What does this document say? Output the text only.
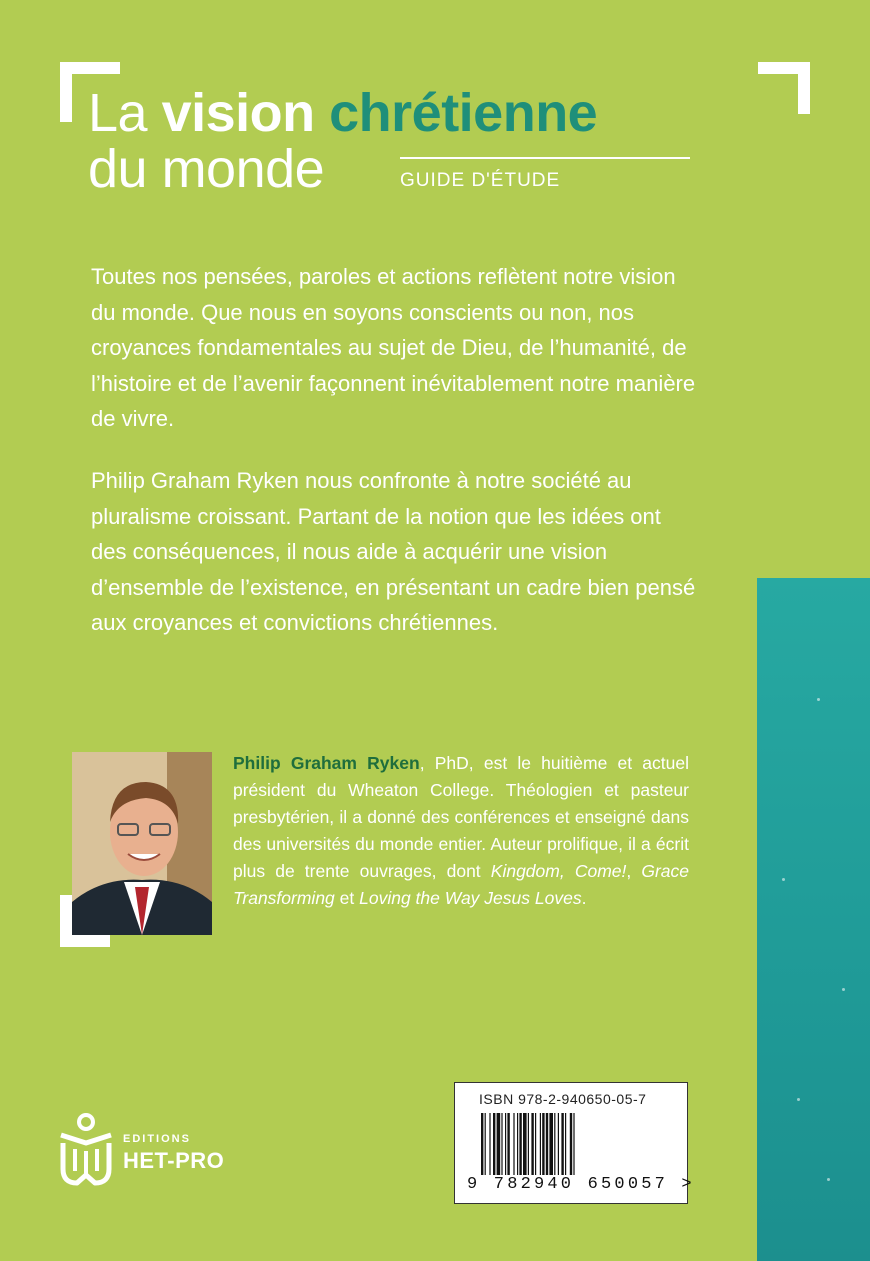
La vision chrétienne
du monde	GUIDE D'ÉTUDE

Toutes nos pensées, paroles et actions reflètent notre vision du monde. Que nous en soyons conscients ou non, nos croyances fondamentales au sujet de Dieu, de l’humanité, de l’histoire et de l’avenir façonnent inévitablement notre manière de vivre.

Philip Graham Ryken nous confronte à notre société au pluralisme croissant. Partant de la notion que les idées ont des conséquences, il nous aide à acquérir une vision d’ensemble de l’existence, en présentant un cadre bien pensé aux croyances et convictions chrétiennes.

Philip Graham Ryken, PhD, est le huitième et actuel président du Wheaton College. Théologien et pasteur presbytérien, il a donné des conférences et enseigné dans des universités du monde entier. Auteur prolifique, il a écrit plus de trente ouvrages, dont Kingdom, Come!, Grace Transforming et Loving the Way Jesus Loves.
ISBN 978-2-940650-05-7
9 782940 650057 >
EDITIONS
HET-PRO
